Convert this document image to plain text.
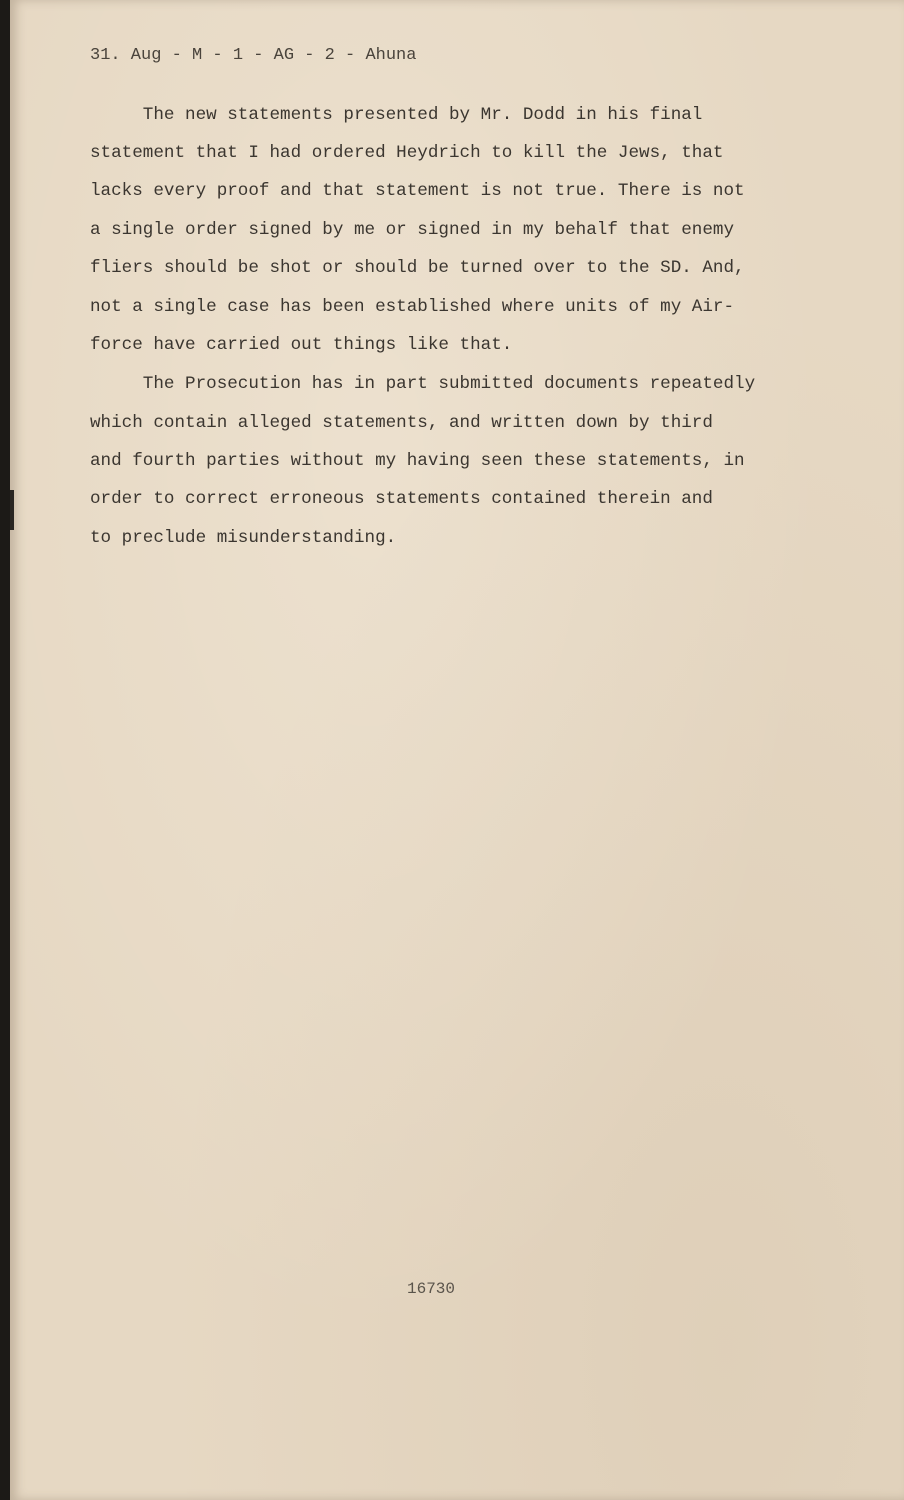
31. Aug - M - 1 - AG - 2 - Ahuna
The new statements presented by Mr. Dodd in his final
statement that I had ordered Heydrich to kill the Jews, that
lacks every proof and that statement is not true. There is not
a single order signed by me or signed in my behalf that enemy
fliers should be shot or should be turned over to the SD. And,
not a single case has been established where units of my Air-
force have carried out things like that.
The Prosecution has in part submitted documents repeatedly
which contain alleged statements, and written down by third
and fourth parties without my having seen these statements, in
order to correct erroneous statements contained therein and
to preclude misunderstanding.
16730
